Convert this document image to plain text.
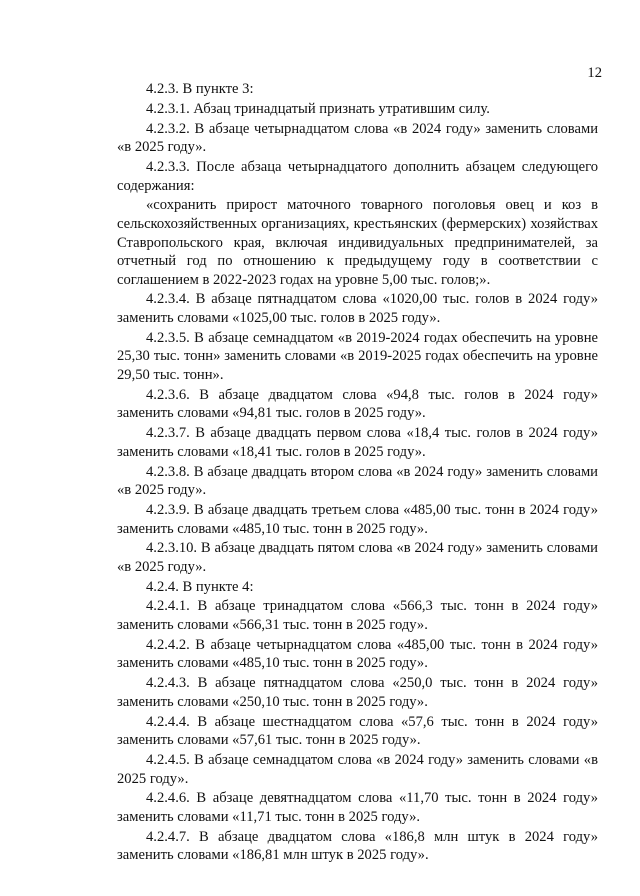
12

4.2.3. В пункте 3:

4.2.3.1. Абзац тринадцатый признать утратившим силу.

4.2.3.2. В абзаце четырнадцатом слова «в 2024 году» заменить словами «в 2025 году».

4.2.3.3. После абзаца четырнадцатого дополнить абзацем следующего содержания:

«сохранить прирост маточного товарного поголовья овец и коз в сельскохозяйственных организациях, крестьянских (фермерских) хозяйствах Ставропольского края, включая индивидуальных предпринимателей, за отчетный год по отношению к предыдущему году в соответствии с соглашением в 2022-2023 годах на уровне 5,00 тыс. голов;».

4.2.3.4. В абзаце пятнадцатом слова «1020,00 тыс. голов в 2024 году» заменить словами «1025,00 тыс. голов в 2025 году».

4.2.3.5. В абзаце семнадцатом «в 2019-2024 годах обеспечить на уровне 25,30 тыс. тонн» заменить словами «в 2019-2025 годах обеспечить на уровне 29,50 тыс. тонн».

4.2.3.6. В абзаце двадцатом слова «94,8 тыс. голов в 2024 году» заменить словами «94,81 тыс. голов в 2025 году».

4.2.3.7. В абзаце двадцать первом слова «18,4 тыс. голов в 2024 году» заменить словами «18,41 тыс. голов в 2025 году».

4.2.3.8. В абзаце двадцать втором слова «в 2024 году» заменить словами «в 2025 году».

4.2.3.9. В абзаце двадцать третьем слова «485,00 тыс. тонн в 2024 году» заменить словами «485,10 тыс. тонн в 2025 году».

4.2.3.10. В абзаце двадцать пятом слова «в 2024 году» заменить словами «в 2025 году».

4.2.4. В пункте 4:

4.2.4.1. В абзаце тринадцатом слова «566,3 тыс. тонн в 2024 году» заменить словами «566,31 тыс. тонн в 2025 году».

4.2.4.2. В абзаце четырнадцатом слова «485,00 тыс. тонн в 2024 году» заменить словами «485,10 тыс. тонн в 2025 году».

4.2.4.3. В абзаце пятнадцатом слова «250,0 тыс. тонн в 2024 году» заменить словами «250,10 тыс. тонн в 2025 году».

4.2.4.4. В абзаце шестнадцатом слова «57,6 тыс. тонн в 2024 году» заменить словами «57,61 тыс. тонн в 2025 году».

4.2.4.5. В абзаце семнадцатом слова «в 2024 году» заменить словами «в 2025 году».

4.2.4.6. В абзаце девятнадцатом слова «11,70 тыс. тонн в 2024 году» заменить словами «11,71 тыс. тонн в 2025 году».

4.2.4.7. В абзаце двадцатом слова «186,8 млн штук в 2024 году» заменить словами «186,81 млн штук в 2025 году».
